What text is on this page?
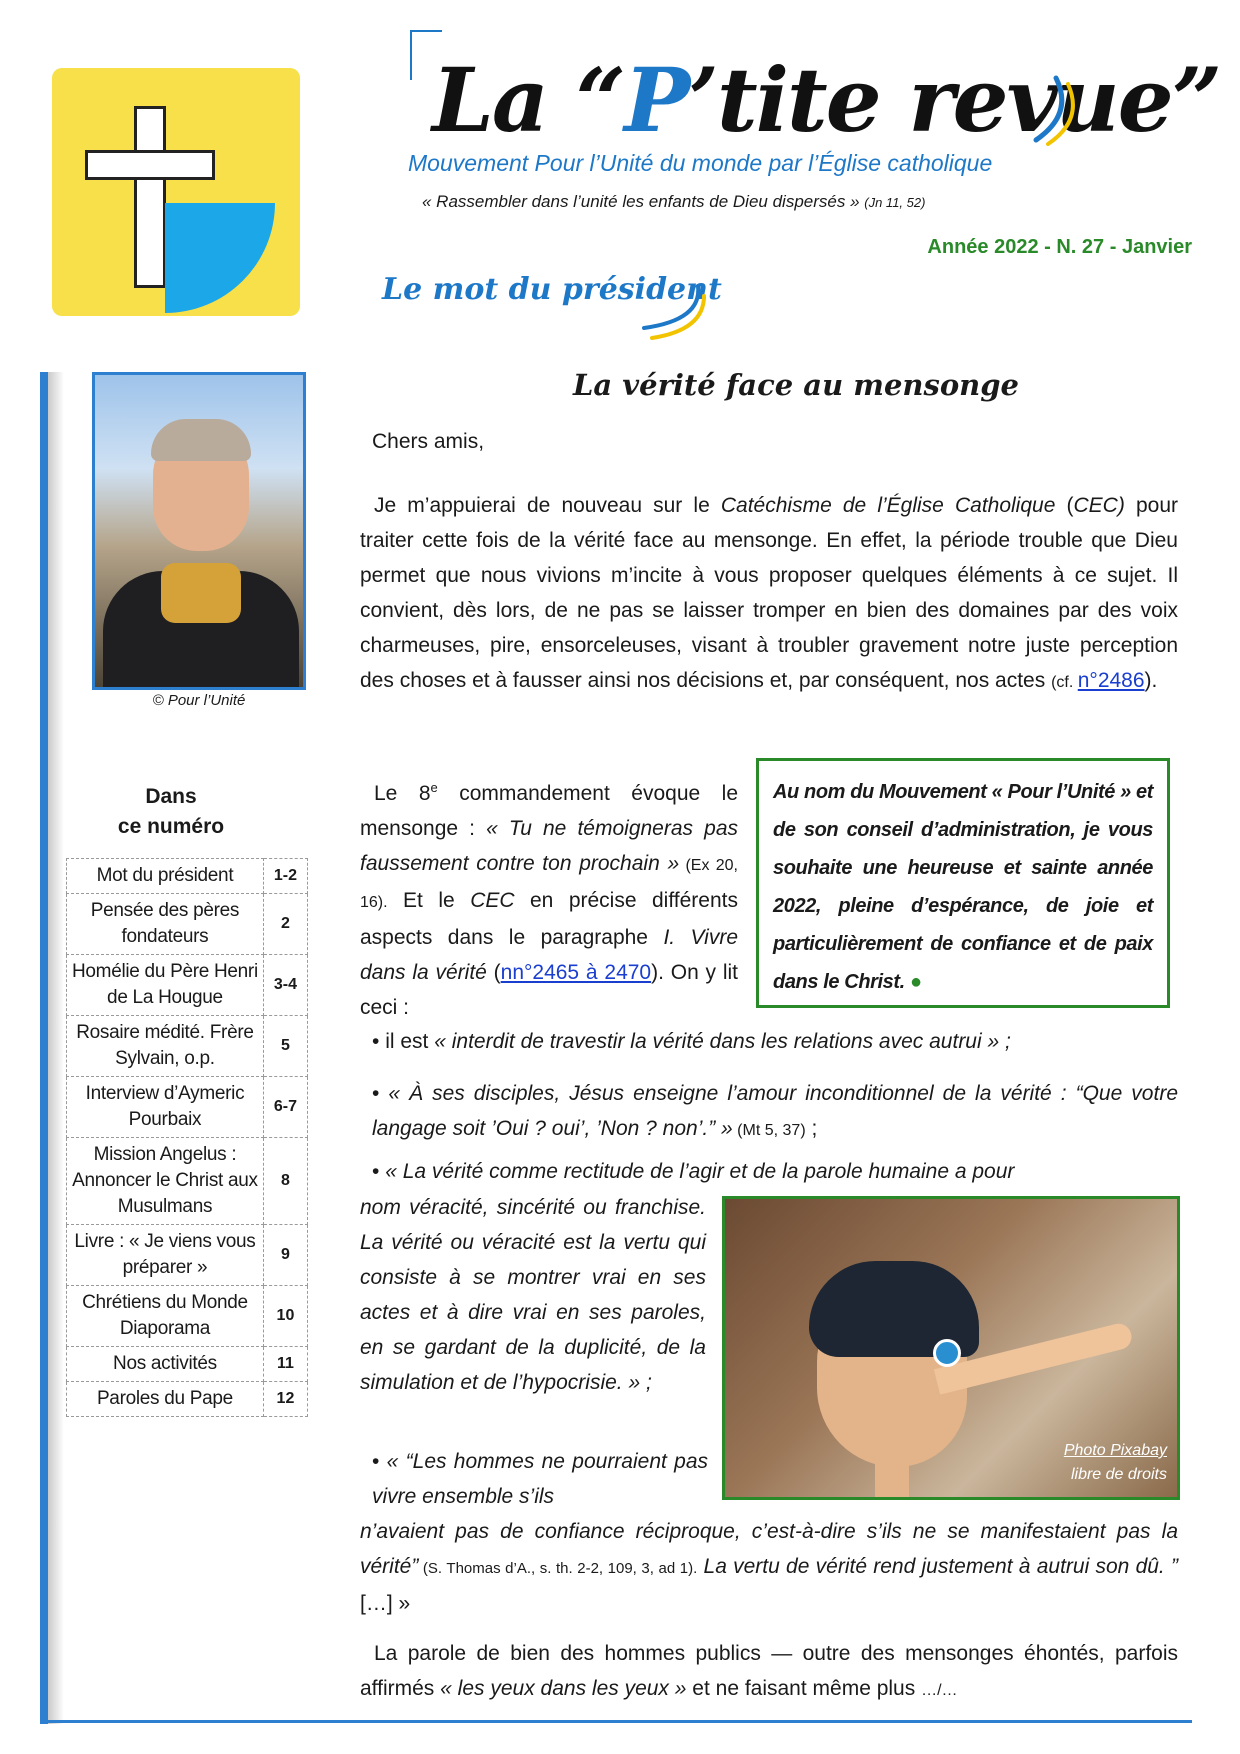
La “P’tite revue”
Mouvement Pour l’Unité du monde par l’Église catholique
« Rassembler dans l’unité les enfants de Dieu dispersés » (Jn 11, 52)
Année 2022 - N. 27 - Janvier
Le mot du président
© Pour l’Unité
Dans
ce numéro
Mot du président	1-2
Pensée des pères fondateurs	2
Homélie du Père Henri de La Hougue	3-4
Rosaire médité. Frère Sylvain, o.p.	5
Interview d’Aymeric Pourbaix	6-7
Mission Angelus : Annoncer le Christ aux Musulmans	8
Livre : « Je viens vous préparer »	9
Chrétiens du Monde Diaporama	10
Nos activités	11
Paroles du Pape	12
La vérité face au mensonge
Chers amis,
Je m’appuierai de nouveau sur le Catéchisme de l’Église Catholique (CEC) pour traiter cette fois de la vérité face au mensonge. En effet, la période trouble que Dieu permet que nous vivions m’incite à vous proposer quelques éléments à ce sujet. Il convient, dès lors, de ne pas se laisser tromper en bien des domaines par des voix charmeuses, pire, ensorceleuses, visant à troubler gravement notre juste perception des choses et à fausser ainsi nos décisions et, par conséquent, nos actes (cf. n°2486).
Le 8e commandement évoque le mensonge : « Tu ne témoigneras pas faussement contre ton prochain » (Ex 20, 16). Et le CEC en précise différents aspects dans le paragraphe I. Vivre dans la vérité (nn°2465 à 2470). On y lit ceci :
Au nom du Mouvement « Pour l’Unité » et de son conseil d’administration, je vous souhaite une heureuse et sainte année 2022, pleine d’espérance, de joie et particulièrement de confiance et de paix dans le Christ. ●
• il est « interdit de travestir la vérité dans les relations avec autrui » ;
• « À ses disciples, Jésus enseigne l’amour inconditionnel de la vérité : “Que votre langage soit ’Oui ? oui’, ’Non ? non’.” » (Mt 5, 37) ;
• « La vérité comme rectitude de l’agir et de la parole humaine a pour
nom véracité, sincérité ou franchise. La vérité ou véracité est la vertu qui consiste à se montrer vrai en ses actes et à dire vrai en ses paroles, en se gardant de la duplicité, de la simulation et de l’hypocrisie. » ;
• « “Les hommes ne pourraient pas vivre ensemble s’ils
n’avaient pas de confiance réciproque, c’est-à-dire s’ils ne se manifestaient pas la vérité” (S. Thomas d’A., s. th. 2-2, 109, 3, ad 1). La vertu de vérité rend justement à autrui son dû. ” […] »
La parole de bien des hommes publics — outre des mensonges éhontés, parfois affirmés « les yeux dans les yeux » et ne faisant même plus …/…
Photo Pixabay
libre de droits
